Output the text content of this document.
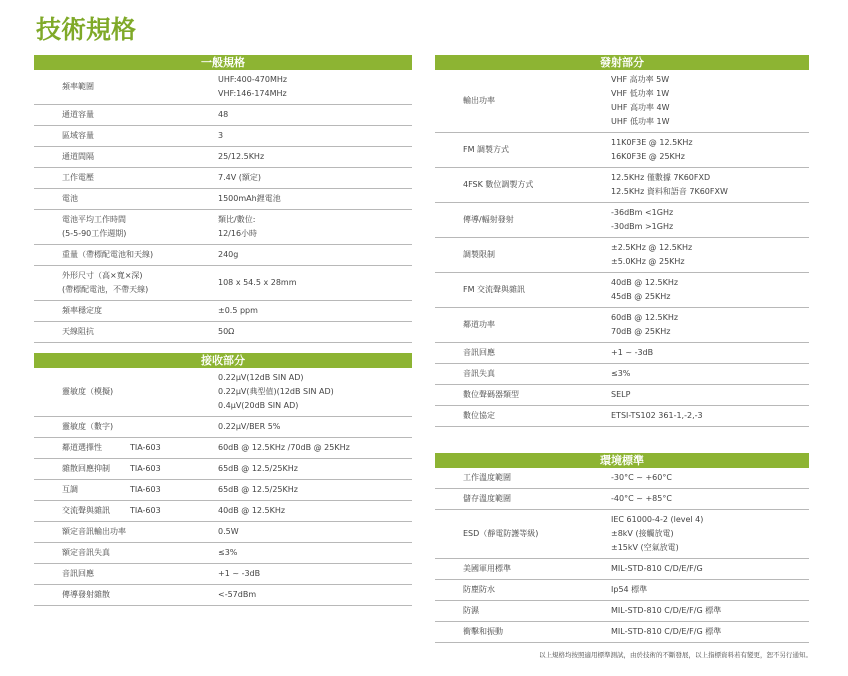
技術規格
一般規格
頻率範圍	UHF:400-470MHz
VHF:146-174MHz

通道容量	48

區域容量	3

通道間隔	25/12.5KHz

工作電壓	7.4V (額定)

電池	1500mAh鋰電池

電池平均工作時間
(5-5-90工作週期)	類比/數位:
12/16小時

重量（帶標配電池和天線)	240g

外形尺寸（高×寬×深)
(帶標配電池，不帶天線)	108 x 54.5 x 28mm

頻率穩定度	±0.5 ppm

天線阻抗	50Ω
接收部分
靈敏度（模擬)		0.22μV(12dB SIN AD)
0.22μV(典型值)(12dB SIN AD)
0.4μV(20dB SIN AD)

靈敏度（數字)		0.22μV/BER 5%

鄰道選擇性	TIA-603	60dB @ 12.5KHz /70dB @ 25KHz

雜散回應抑制	TIA-603	65dB @ 12.5/25KHz

互調	TIA-603	65dB @ 12.5/25KHz

交流聲與雜訊	TIA-603	40dB @ 12.5KHz

額定音訊輸出功率		0.5W

額定音訊失真		≤3%

音訊回應		+1 ~ -3dB

傳導發射雜散		<-57dBm
發射部分
輸出功率	VHF 高功率 5W
VHF 低功率 1W
UHF 高功率 4W
UHF 低功率 1W

FM 調製方式	11K0F3E @ 12.5KHz
16K0F3E @ 25KHz

4FSK 數位調製方式	12.5KHz 僅數據 7K60FXD
12.5KHz 資料和語音 7K60FXW

傳導/輻射發射	-36dBm <1GHz
-30dBm >1GHz

調製限制	±2.5KHz @ 12.5KHz
±5.0KHz @ 25KHz

FM 交流聲與雜訊	40dB @ 12.5KHz
45dB @ 25KHz

鄰道功率	60dB @ 12.5KHz
70dB @ 25KHz

音訊回應	+1 ~ -3dB

音訊失真	≤3%

數位聲碼器類型	SELP

數位協定	ETSI-TS102 361-1,-2,-3
環境標準
工作溫度範圍	-30°C ~ +60°C

儲存溫度範圍	-40°C ~ +85°C

ESD（靜電防護等級)	IEC 61000-4-2 (level 4)
±8kV (接觸放電)
±15kV (空氣放電)

美國軍用標準	MIL-STD-810 C/D/E/F/G

防塵防水	Ip54 標準

防濕	MIL-STD-810 C/D/E/F/G 標準

衝擊和振動	MIL-STD-810 C/D/E/F/G 標準
以上規格均按照適用標準測試，由於技術的不斷發展，以上指標資料若有變更，恕不另行通知。
